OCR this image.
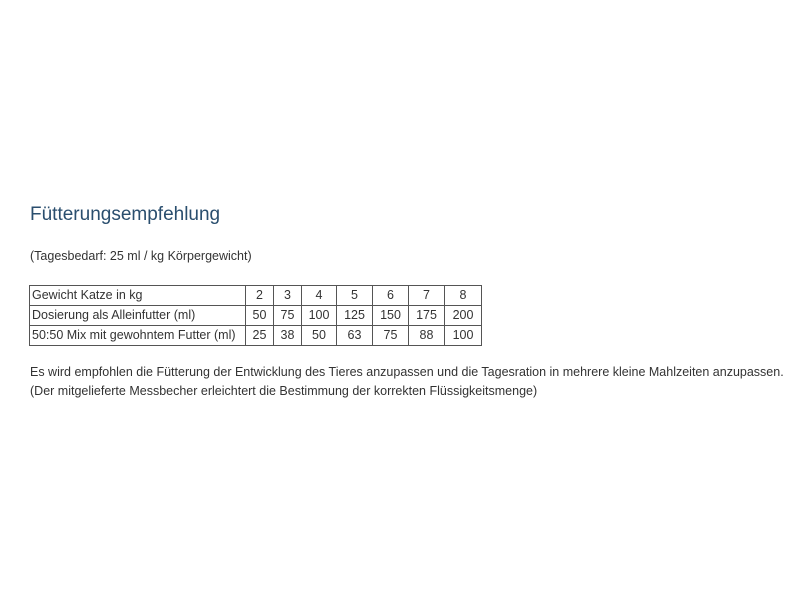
Fütterungsempfehlung

(Tagesbedarf: 25 ml / kg Körpergewicht)

Gewicht Katze in kg	2	3	4	5	6	7	8
Dosierung als Alleinfutter (ml)	50	75	100	125	150	175	200
50:50 Mix mit gewohntem Futter (ml)	25	38	50	63	75	88	100

Es wird empfohlen die Fütterung der Entwicklung des Tieres anzupassen und die Tagesration in mehrere kleine Mahlzeiten anzupassen.

(Der mitgelieferte Messbecher erleichtert die Bestimmung der korrekten Flüssigkeitsmenge)
